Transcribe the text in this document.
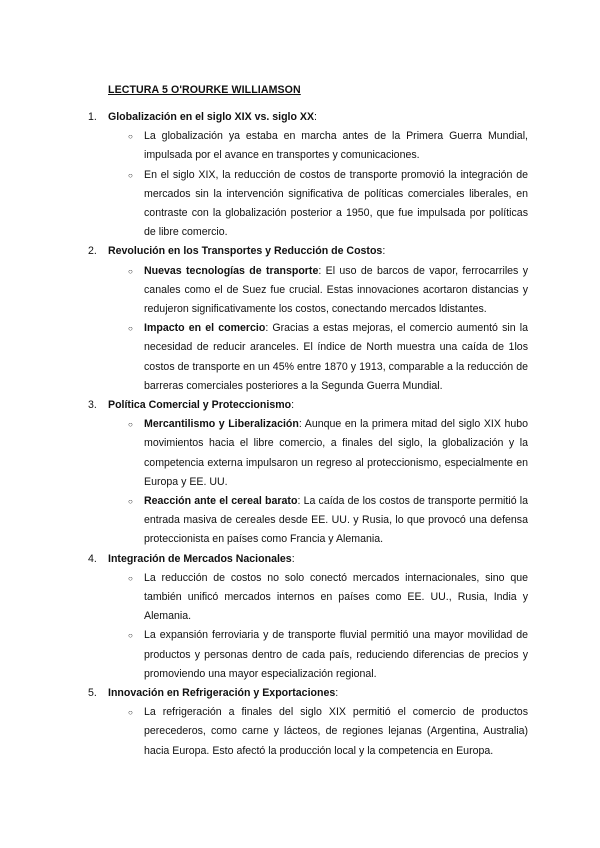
LECTURA 5 O'ROURKE WILLIAMSON
1. Globalización en el siglo XIX vs. siglo XX:
○ La globalización ya estaba en marcha antes de la Primera Guerra Mundial, impulsada por el avance en transportes y comunicaciones.
○ En el siglo XIX, la reducción de costos de transporte promovió la integración de mercados sin la intervención significativa de políticas comerciales liberales, en contraste con la globalización posterior a 1950, que fue impulsada por políticas de libre comercio.
2. Revolución en los Transportes y Reducción de Costos:
○ Nuevas tecnologías de transporte: El uso de barcos de vapor, ferrocarriles y canales como el de Suez fue crucial. Estas innovaciones acortaron distancias y redujeron significativamente los costos, conectando mercados ldistantes.
○ Impacto en el comercio: Gracias a estas mejoras, el comercio aumentó sin la necesidad de reducir aranceles. El índice de North muestra una caída de 1los costos de transporte en un 45% entre 1870 y 1913, comparable a la reducción de barreras comerciales posteriores a la Segunda Guerra Mundial.
3. Política Comercial y Proteccionismo:
○ Mercantilismo y Liberalización: Aunque en la primera mitad del siglo XIX hubo movimientos hacia el libre comercio, a finales del siglo, la globalización y la competencia externa impulsaron un regreso al proteccionismo, especialmente en Europa y EE. UU.
○ Reacción ante el cereal barato: La caída de los costos de transporte permitió la entrada masiva de cereales desde EE. UU. y Rusia, lo que provocó una defensa proteccionista en países como Francia y Alemania.
4. Integración de Mercados Nacionales:
○ La reducción de costos no solo conectó mercados internacionales, sino que también unificó mercados internos en países como EE. UU., Rusia, India y Alemania.
○ La expansión ferroviaria y de transporte fluvial permitió una mayor movilidad de productos y personas dentro de cada país, reduciendo diferencias de precios y promoviendo una mayor especialización regional.
5. Innovación en Refrigeración y Exportaciones:
○ La refrigeración a finales del siglo XIX permitió el comercio de productos perecederos, como carne y lácteos, de regiones lejanas (Argentina, Australia) hacia Europa. Esto afectó la producción local y la competencia en Europa.
